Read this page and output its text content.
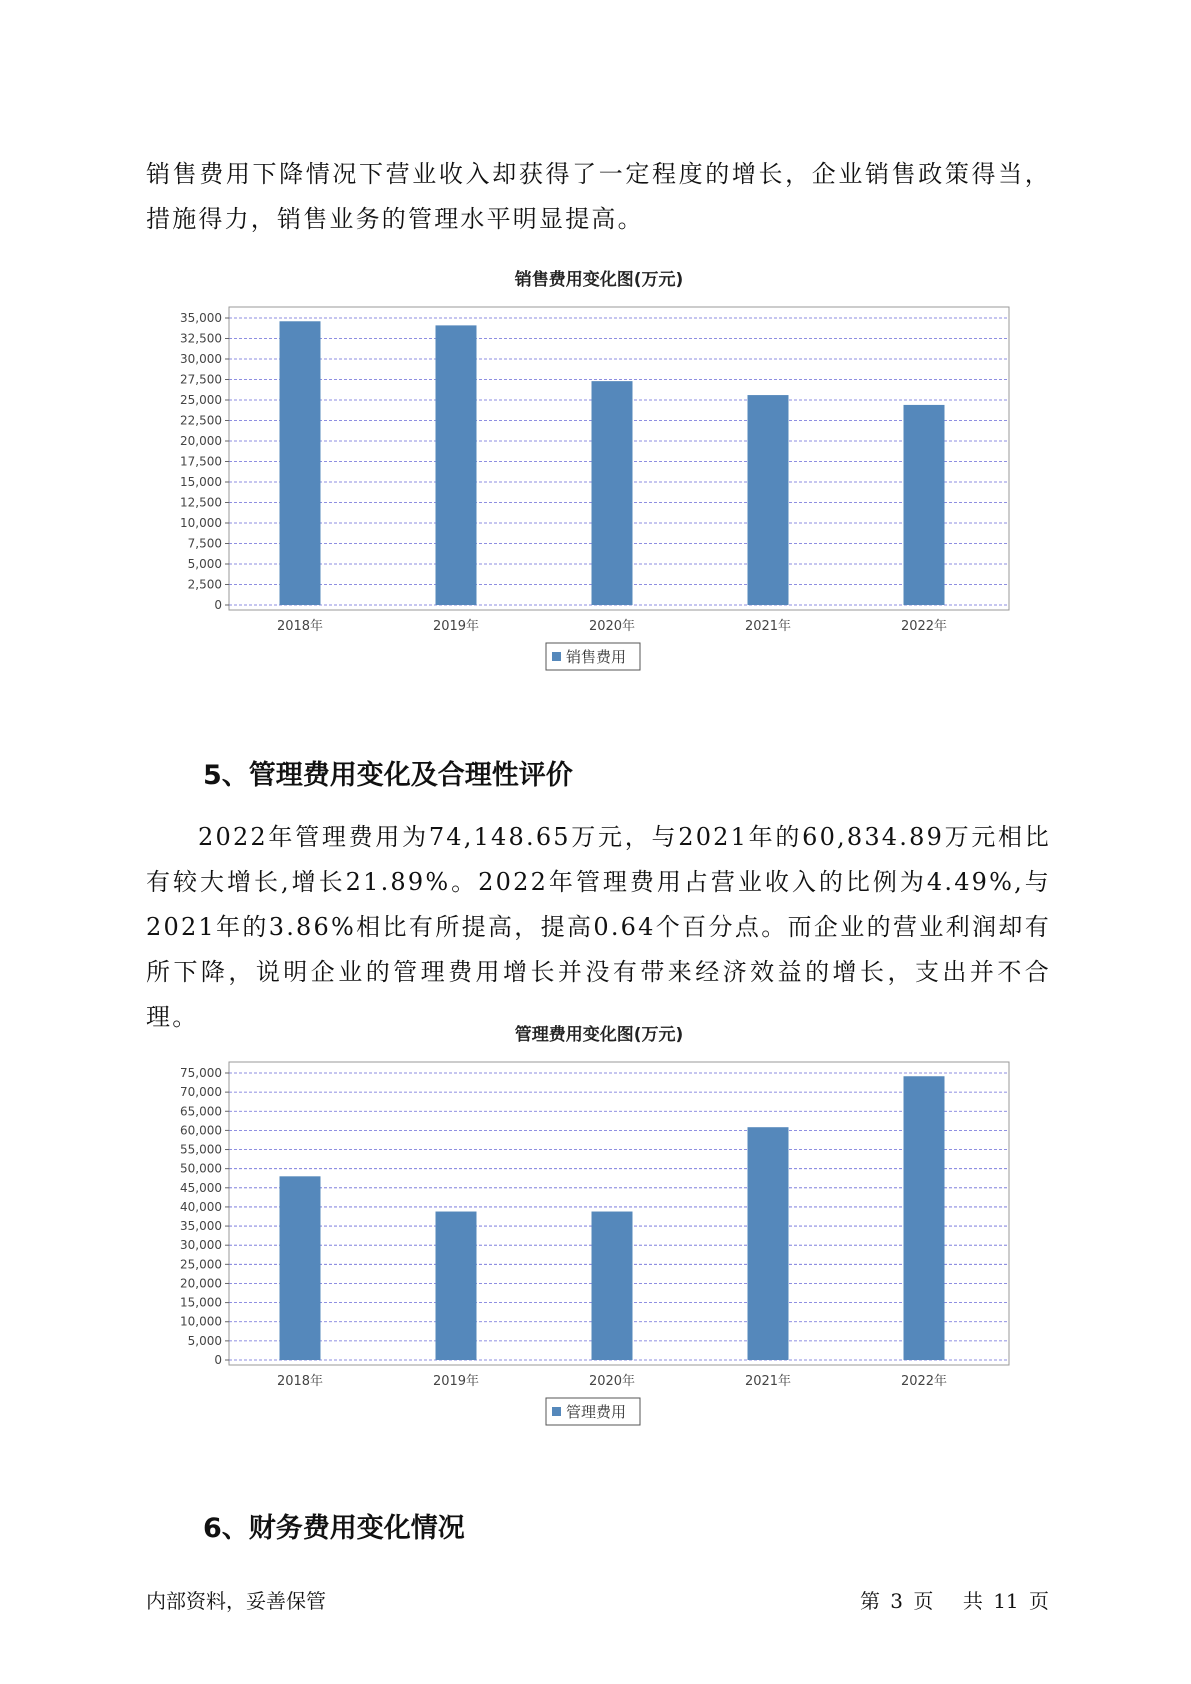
销售费用下降情况下营业收入却获得了一定程度的增长，企业销售政策得当，措施得力，销售业务的管理水平明显提高。

销售费用变化图(万元)
0
2,500
5,000
7,500
10,000
12,500
15,000
17,500
20,000
22,500
25,000
27,500
30,000
32,500
35,000
2018年	2019年	2020年	2021年	2022年
销售费用
5、管理费用变化及合理性评价

2022年管理费用为74,148.65万元，与2021年的60,834.89万元相比有较大增长,增长21.89%。2022年管理费用占营业收入的比例为4.49%,与2021年的3.86%相比有所提高，提高0.64个百分点。而企业的营业利润却有所下降，说明企业的管理费用增长并没有带来经济效益的增长，支出并不合理。

管理费用变化图(万元)
0
5,000
10,000
15,000
20,000
25,000
30,000
35,000
40,000
45,000
50,000
55,000
60,000
65,000
70,000
75,000
2018年	2019年	2020年	2021年	2022年
管理费用
6、财务费用变化情况
内部资料，妥善保管	第 3 页 共 11 页
